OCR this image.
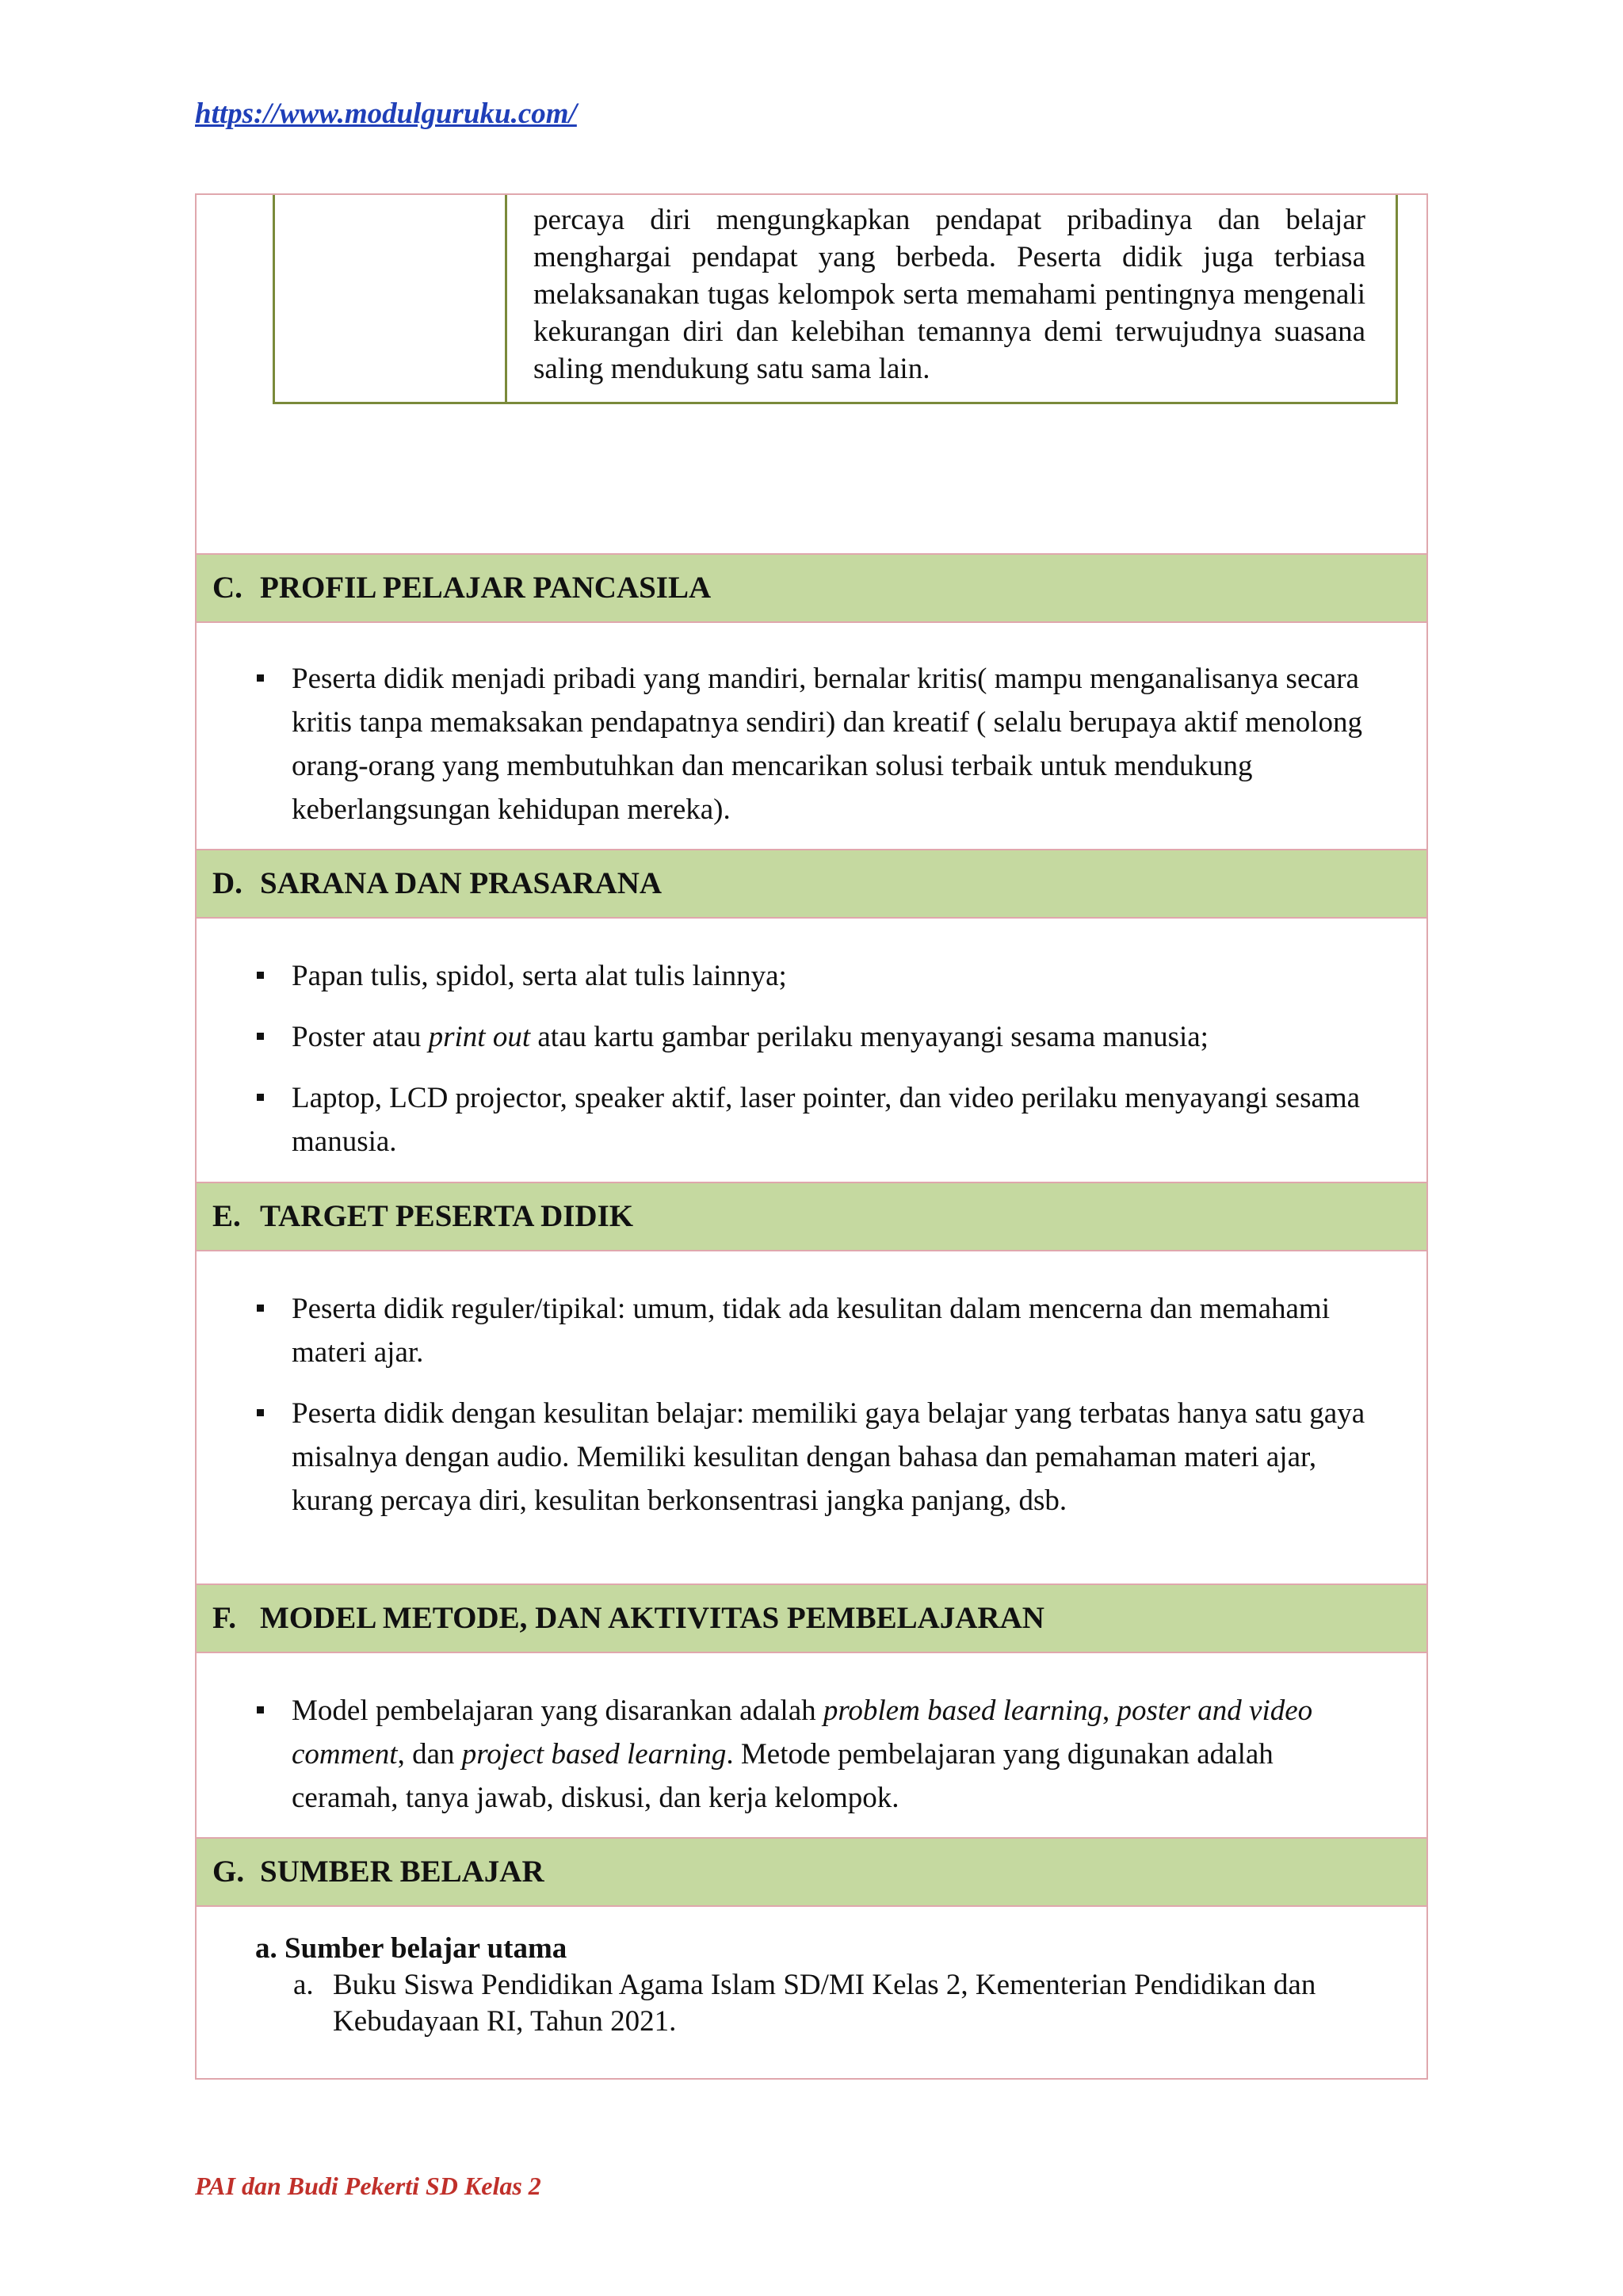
https://www.modulguruku.com/
percaya diri mengungkapkan pendapat pribadinya dan belajar menghargai pendapat yang berbeda. Peserta didik juga terbiasa melaksanakan tugas kelompok serta memahami pentingnya mengenali kekurangan diri dan kelebihan temannya demi terwujudnya suasana saling mendukung satu sama lain.
C. PROFIL PELAJAR PANCASILA
Peserta didik menjadi pribadi yang mandiri, bernalar kritis( mampu menganalisanya secara kritis tanpa memaksakan pendapatnya sendiri) dan kreatif ( selalu berupaya aktif menolong orang-orang yang membutuhkan dan mencarikan solusi terbaik untuk mendukung keberlangsungan kehidupan mereka).
D. SARANA DAN PRASARANA
Papan tulis, spidol, serta alat tulis lainnya;
Poster atau print out atau kartu gambar perilaku menyayangi sesama manusia;
Laptop, LCD projector, speaker aktif, laser pointer, dan video perilaku menyayangi sesama manusia.
E. TARGET PESERTA DIDIK
Peserta didik reguler/tipikal: umum, tidak ada kesulitan dalam mencerna dan memahami materi ajar.
Peserta didik dengan kesulitan belajar: memiliki gaya belajar yang terbatas hanya satu gaya misalnya dengan audio. Memiliki kesulitan dengan bahasa dan pemahaman materi ajar, kurang percaya diri, kesulitan berkonsentrasi jangka panjang, dsb.
F. MODEL METODE, DAN AKTIVITAS PEMBELAJARAN
Model pembelajaran yang disarankan adalah problem based learning, poster and video comment, dan project based learning. Metode pembelajaran yang digunakan adalah ceramah, tanya jawab, diskusi, dan kerja kelompok.
G. SUMBER BELAJAR
a. Sumber belajar utama
a. Buku Siswa Pendidikan Agama Islam SD/MI Kelas 2, Kementerian Pendidikan dan Kebudayaan RI, Tahun 2021.
PAI dan Budi Pekerti SD Kelas 2
